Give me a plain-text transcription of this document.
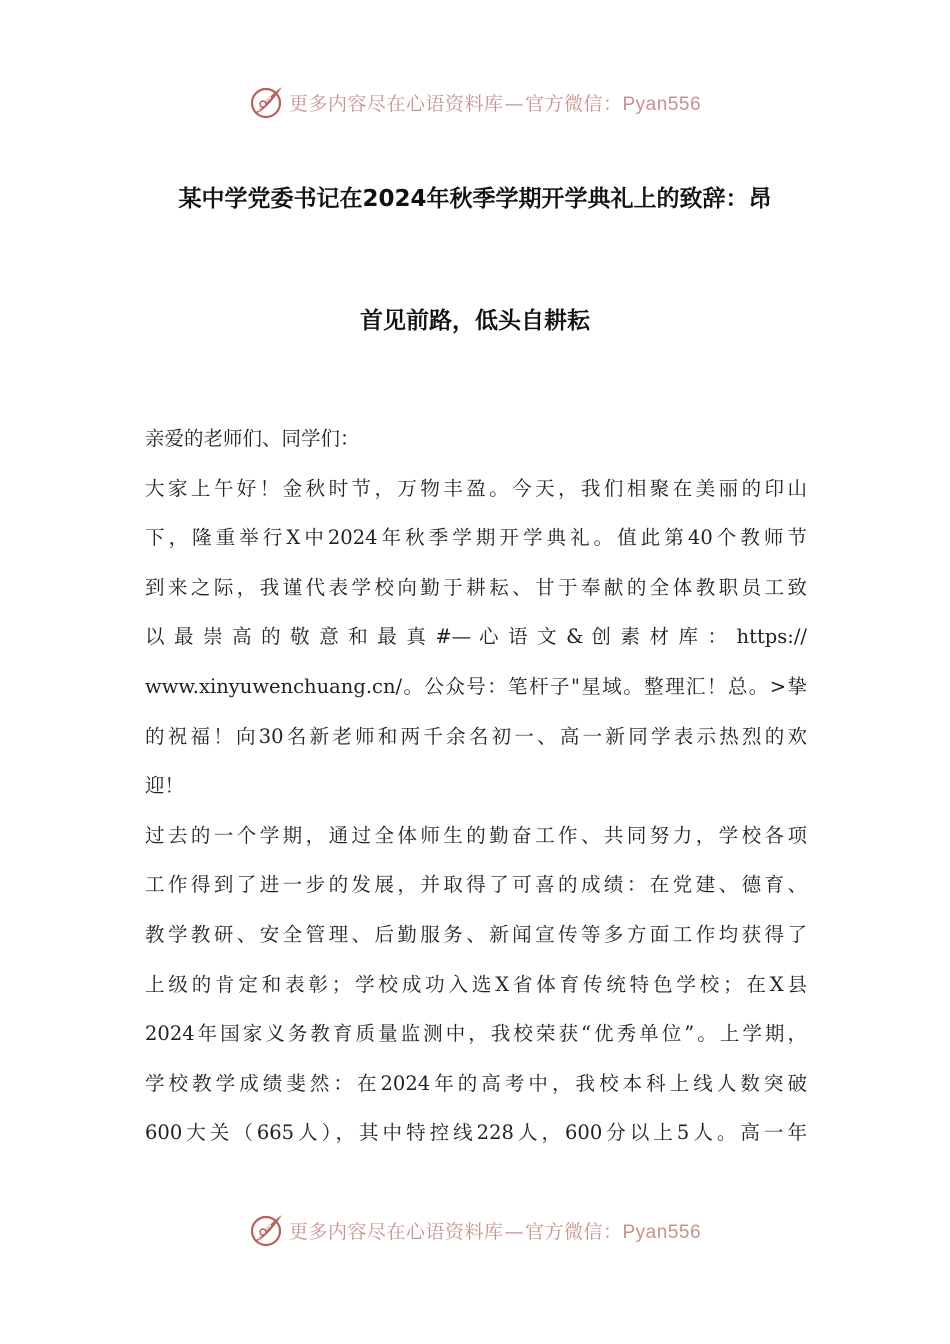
更多内容尽在心语资料库—官方微信：Pyan556
某中学党委书记在2024年秋季学期开学典礼上的致辞：昂
首见前路，低头自耕耘
亲爱的老师们、同学们：
大家上午好！金秋时节，万物丰盈。今天，我们相聚在美丽的印山
下，隆重举行X中2024年秋季学期开学典礼。值此第40个教师节
到来之际，我谨代表学校向勤于耕耘、甘于奉献的全体教职员工致
以 最 崇 高 的 敬 意 和 最 真 #— 心 语 文 & 创 素 材 库 ： https://
www.xinyuwenchuang.cn/。公众号：笔杆子"星域。整理汇！总。>挚
的祝福！向30名新老师和两千余名初一、高一新同学表示热烈的欢
迎！
过去的一个学期，通过全体师生的勤奋工作、共同努力，学校各项
工作得到了进一步的发展，并取得了可喜的成绩：在党建、德育、
教学教研、安全管理、后勤服务、新闻宣传等多方面工作均获得了
上级的肯定和表彰；学校成功入选X省体育传统特色学校；在X县
2024年国家义务教育质量监测中，我校荣获“优秀单位”。上学期，
学校教学成绩斐然：在2024年的高考中，我校本科上线人数突破
600大关（665人），其中特控线228人，600分以上5人。高一年
更多内容尽在心语资料库—官方微信：Pyan556
